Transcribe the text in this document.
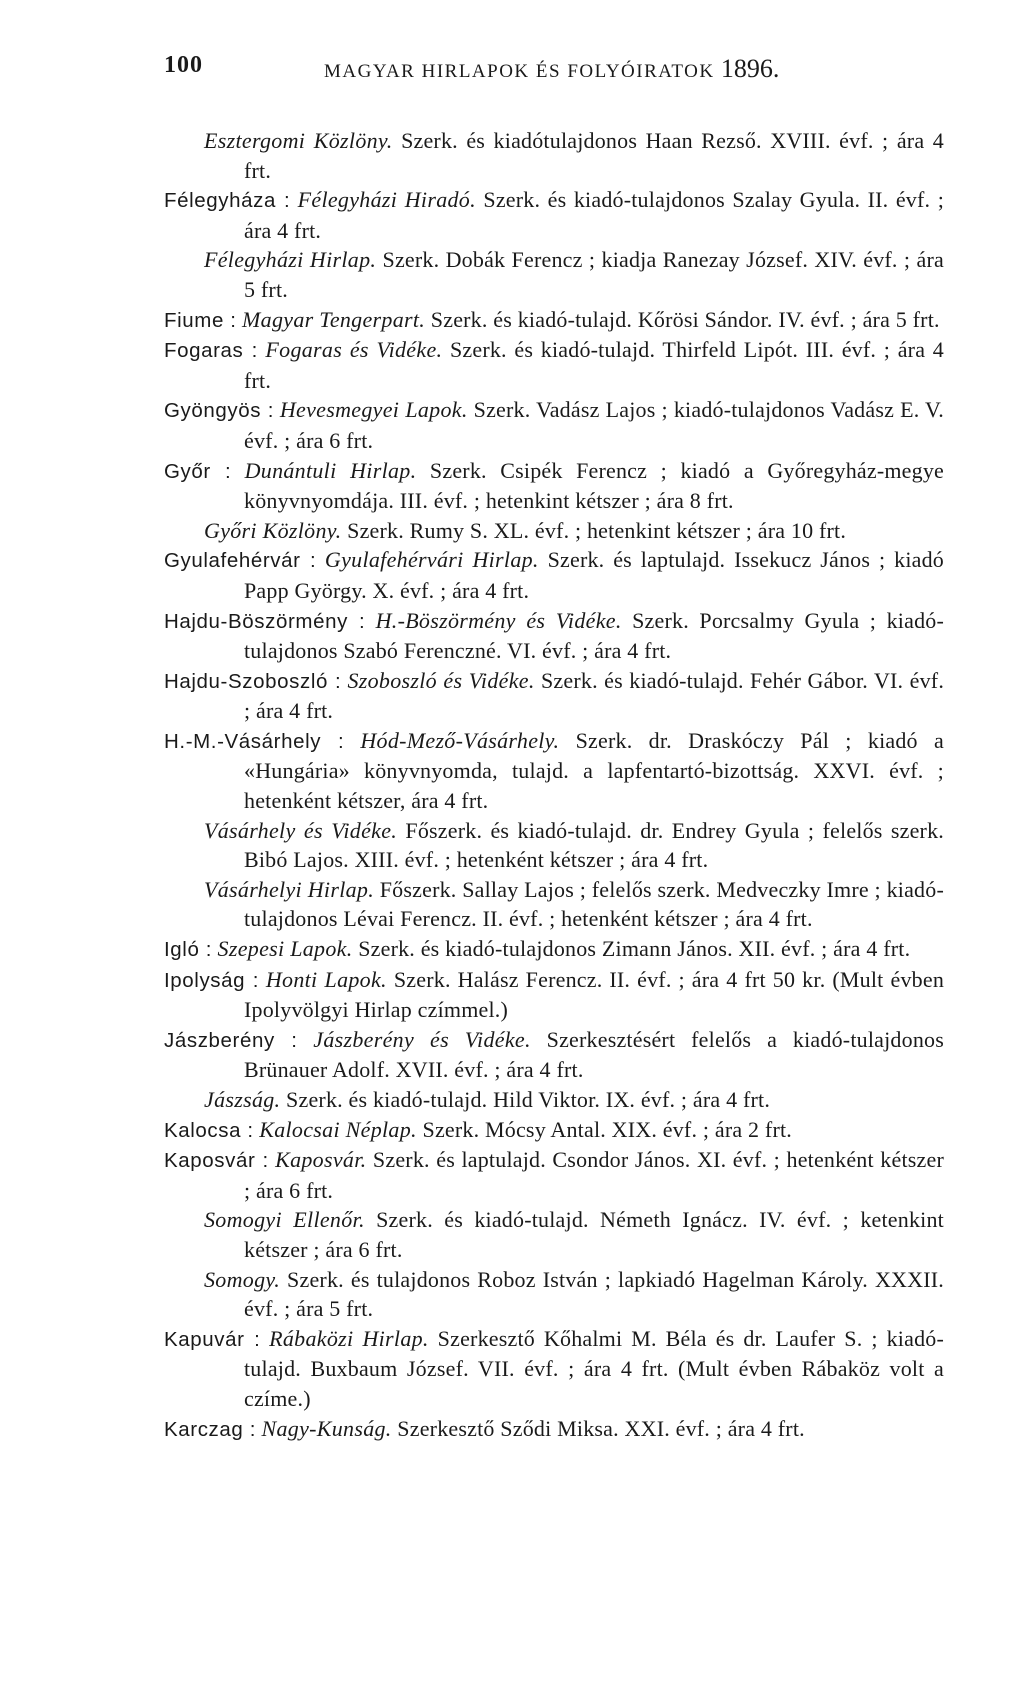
100	MAGYAR HIRLAPOK ÉS FOLYÓIRATOK 1896.
Esztergomi Közlöny. Szerk. és kiadótulajdonos Haan Rezső. XVIII. évf. ; ára 4 frt.
Félegyháza : Félegyházi Hiradó. Szerk. és kiadó-tulajdonos Szalay Gyula. II. évf. ; ára 4 frt.
Félegyházi Hirlap. Szerk. Dobák Ferencz ; kiadja Ranezay József. XIV. évf. ; ára 5 frt.
Fiume : Magyar Tengerpart. Szerk. és kiadó-tulajd. Kőrösi Sándor. IV. évf. ; ára 5 frt.
Fogaras : Fogaras és Vidéke. Szerk. és kiadó-tulajd. Thirfeld Lipót. III. évf. ; ára 4 frt.
Gyöngyös : Hevesmegyei Lapok. Szerk. Vadász Lajos ; kiadó-tulajdonos Vadász E. V. évf. ; ára 6 frt.
Győr : Dunántuli Hirlap. Szerk. Csipék Ferencz ; kiadó a Győregyház-megye könyvnyomdája. III. évf. ; hetenkint kétszer ; ára 8 frt.
Győri Közlöny. Szerk. Rumy S. XL. évf. ; hetenkint kétszer ; ára 10 frt.
Gyulafehérvár : Gyulafehérvári Hirlap. Szerk. és laptulajd. Issekucz János ; kiadó Papp György. X. évf. ; ára 4 frt.
Hajdu-Böszörmény : H.-Böszörmény és Vidéke. Szerk. Porcsalmy Gyula ; kiadó-tulajdonos Szabó Ferenczné. VI. évf. ; ára 4 frt.
Hajdu-Szoboszló : Szoboszló és Vidéke. Szerk. és kiadó-tulajd. Fehér Gábor. VI. évf. ; ára 4 frt.
H.-M.-Vásárhely : Hód-Mező-Vásárhely. Szerk. dr. Draskóczy Pál ; kiadó a «Hungária» könyvnyomda, tulajd. a lapfentartó-bizottság. XXVI. évf. ; hetenként kétszer, ára 4 frt.
Vásárhely és Vidéke. Főszerk. és kiadó-tulajd. dr. Endrey Gyula ; felelős szerk. Bibó Lajos. XIII. évf. ; hetenként kétszer ; ára 4 frt.
Vásárhelyi Hirlap. Főszerk. Sallay Lajos ; felelős szerk. Medveczky Imre ; kiadó-tulajdonos Lévai Ferencz. II. évf. ; hetenként kétszer ; ára 4 frt.
Igló : Szepesi Lapok. Szerk. és kiadó-tulajdonos Zimann János. XII. évf. ; ára 4 frt.
Ipolyság : Honti Lapok. Szerk. Halász Ferencz. II. évf. ; ára 4 frt 50 kr. (Mult évben Ipolyvölgyi Hirlap czímmel.)
Jászberény : Jászberény és Vidéke. Szerkesztésért felelős a kiadó-tulajdonos Brünauer Adolf. XVII. évf. ; ára 4 frt.
Jászság. Szerk. és kiadó-tulajd. Hild Viktor. IX. évf. ; ára 4 frt.
Kalocsa : Kalocsai Néplap. Szerk. Mócsy Antal. XIX. évf. ; ára 2 frt.
Kaposvár : Kaposvár. Szerk. és laptulajd. Csondor János. XI. évf. ; hetenként kétszer ; ára 6 frt.
Somogyi Ellenőr. Szerk. és kiadó-tulajd. Németh Ignácz. IV. évf. ; ketenkint kétszer ; ára 6 frt.
Somogy. Szerk. és tulajdonos Roboz István ; lapkiadó Hagelman Károly. XXXII. évf. ; ára 5 frt.
Kapuvár : Rábaközi Hirlap. Szerkesztő Kőhalmi M. Béla és dr. Laufer S. ; kiadó-tulajd. Buxbaum József. VII. évf. ; ára 4 frt. (Mult évben Rábaköz volt a czíme.)
Karczag : Nagy-Kunság. Szerkesztő Sződi Miksa. XXI. évf. ; ára 4 frt.
